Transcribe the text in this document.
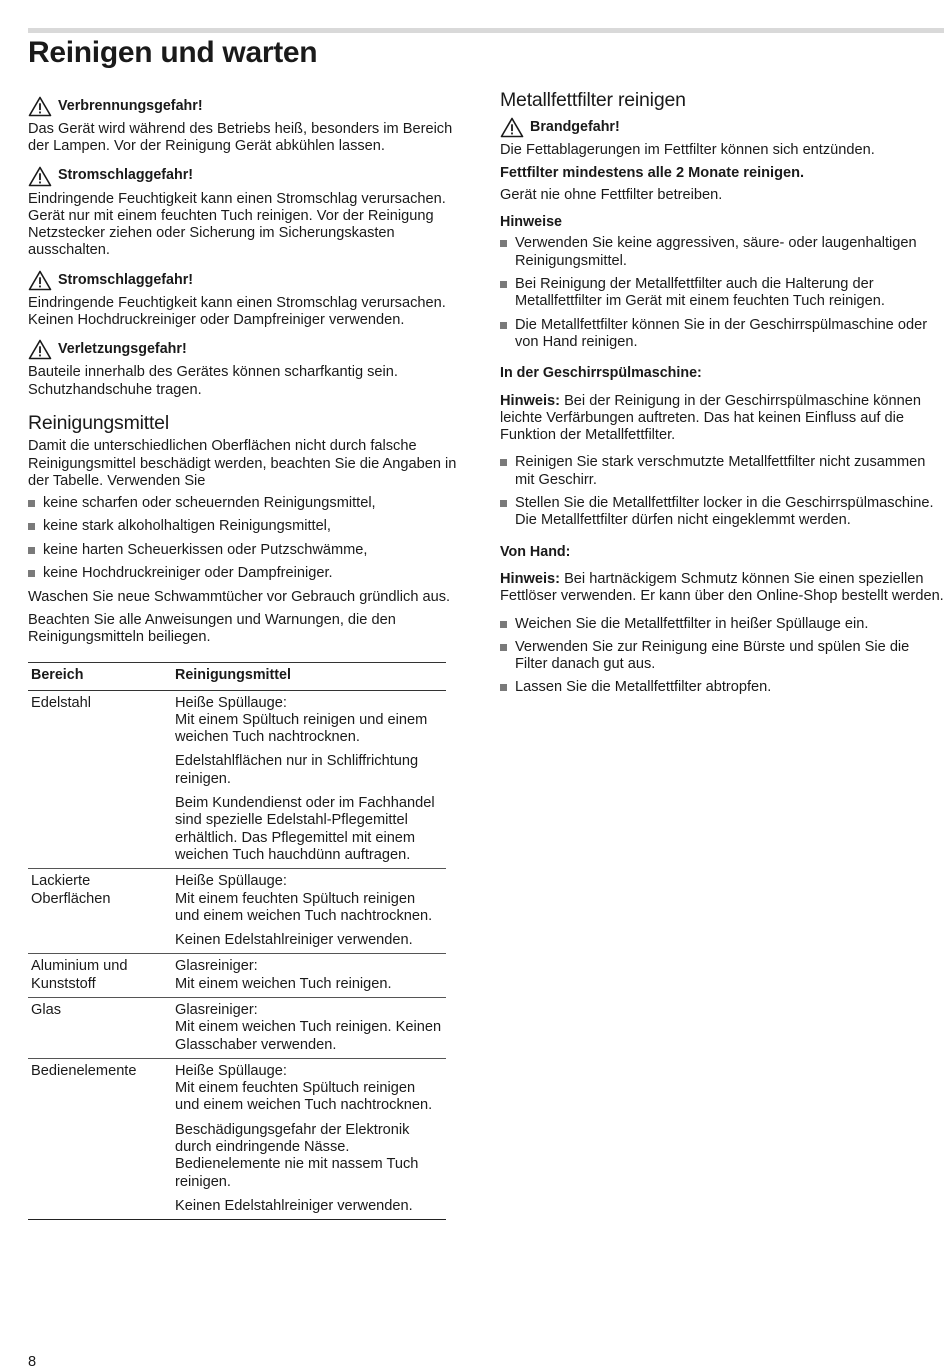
Reinigen und warten
Verbrennungsgefahr!

Das Gerät wird während des Betriebs heiß, besonders im Bereich der Lampen. Vor der Reinigung Gerät abkühlen lassen.

Stromschlaggefahr!

Eindringende Feuchtigkeit kann einen Stromschlag verursachen. Gerät nur mit einem feuchten Tuch reinigen. Vor der Reinigung Netzstecker ziehen oder Sicherung im Sicherungskasten ausschalten.

Stromschlaggefahr!

Eindringende Feuchtigkeit kann einen Stromschlag verursachen. Keinen Hochdruckreiniger oder Dampfreiniger verwenden.

Verletzungsgefahr!

Bauteile innerhalb des Gerätes können scharfkantig sein. Schutzhandschuhe tragen.

Reinigungsmittel

Damit die unterschiedlichen Oberflächen nicht durch falsche Reinigungsmittel beschädigt werden, beachten Sie die Angaben in der Tabelle. Verwenden Sie

keine scharfen oder scheuernden Reinigungsmittel,
keine stark alkoholhaltigen Reinigungsmittel,
keine harten Scheuerkissen oder Putzschwämme,
keine Hochdruckreiniger oder Dampfreiniger.

Waschen Sie neue Schwammtücher vor Gebrauch gründlich aus.

Beachten Sie alle Anweisungen und Warnungen, die den Reinigungsmitteln beiliegen.

Bereich	Reinigungsmittel
Edelstahl	Heiße Spüllauge:
Mit einem Spültuch reinigen und einem weichen Tuch nachtrocknen.
Edelstahlflächen nur in Schliffrichtung reinigen.
Beim Kundendienst oder im Fachhandel sind spezielle Edelstahl-Pflegemittel erhältlich. Das Pflegemittel mit einem weichen Tuch hauchdünn auftragen.

Lackierte Oberflächen	Heiße Spüllauge:
Mit einem feuchten Spültuch reinigen und einem weichen Tuch nachtrocknen.
Keinen Edelstahlreiniger verwenden.

Aluminium und Kunststoff	Glasreiniger:
Mit einem weichen Tuch reinigen.

Glas	Glasreiniger:
Mit einem weichen Tuch reinigen. Keinen Glasschaber verwenden.

Bedienelemente	Heiße Spüllauge:
Mit einem feuchten Spültuch reinigen und einem weichen Tuch nachtrocknen.
Beschädigungsgefahr der Elektronik durch eindringende Nässe. Bedienelemente nie mit nassem Tuch reinigen.
Keinen Edelstahlreiniger verwenden.
Metallfettfilter reinigen
Brandgefahr!

Die Fettablagerungen im Fettfilter können sich entzünden.

Fettfilter mindestens alle 2 Monate reinigen.

Gerät nie ohne Fettfilter betreiben.

Hinweise
Verwenden Sie keine aggressiven, säure- oder laugenhaltigen Reinigungsmittel.
Bei Reinigung der Metallfettfilter auch die Halterung der Metallfettfilter im Gerät mit einem feuchten Tuch reinigen.
Die Metallfettfilter können Sie in der Geschirrspülmaschine oder von Hand reinigen.
In der Geschirrspülmaschine:

Hinweis: Bei der Reinigung in der Geschirrspülmaschine können leichte Verfärbungen auftreten. Das hat keinen Einfluss auf die Funktion der Metallfettfilter.

Reinigen Sie stark verschmutzte Metallfettfilter nicht zusammen mit Geschirr.
Stellen Sie die Metallfettfilter locker in die Geschirrspülmaschine. Die Metallfettfilter dürfen nicht eingeklemmt werden.
Von Hand:

Hinweis: Bei hartnäckigem Schmutz können Sie einen speziellen Fettlöser verwenden. Er kann über den Online-Shop bestellt werden.

Weichen Sie die Metallfettfilter in heißer Spüllauge ein.
Verwenden Sie zur Reinigung eine Bürste und spülen Sie die Filter danach gut aus.
Lassen Sie die Metallfettfilter abtropfen.
8
